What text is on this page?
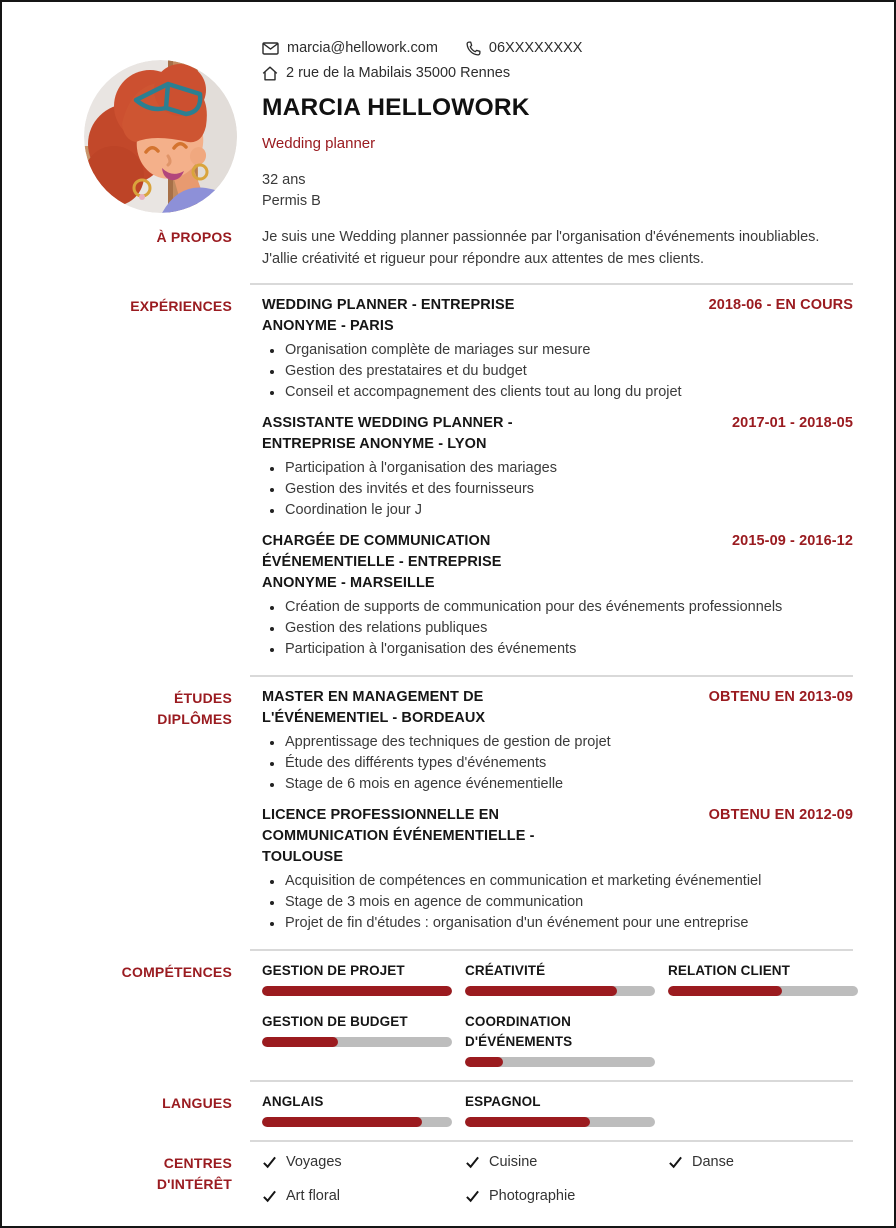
marcia@hellowork.com	06XXXXXXXX
2 rue de la Mabilais 35000 Rennes
MARCIA HELLOWORK
Wedding planner
32 ans
Permis B
À PROPOS Je suis une Wedding planner passionnée par l'organisation d'événements inoubliables. J'allie créativité et rigueur pour répondre aux attentes de mes clients.
EXPÉRIENCES WEDDING PLANNER - ENTREPRISE ANONYME - PARIS
2018-06 - EN COURS
Organisation complète de mariages sur mesure
Gestion des prestataires et du budget
Conseil et accompagnement des clients tout au long du projet
ASSISTANTE WEDDING PLANNER - ENTREPRISE ANONYME - LYON
2017-01 - 2018-05
Participation à l'organisation des mariages
Gestion des invités et des fournisseurs
Coordination le jour J
CHARGÉE DE COMMUNICATION ÉVÉNEMENTIELLE - ENTREPRISE ANONYME - MARSEILLE
2015-09 - 2016-12
Création de supports de communication pour des événements professionnels
Gestion des relations publiques
Participation à l'organisation des événements
ÉTUDES
DIPLÔMES
MASTER EN MANAGEMENT DE L'ÉVÉNEMENTIEL - BORDEAUX
OBTENU EN 2013-09
Apprentissage des techniques de gestion de projet
Étude des différents types d'événements
Stage de 6 mois en agence événementielle
LICENCE PROFESSIONNELLE EN COMMUNICATION ÉVÉNEMENTIELLE - TOULOUSE
OBTENU EN 2012-09
Acquisition de compétences en communication et marketing événementiel
Stage de 3 mois en agence de communication
Projet de fin d'études : organisation d'un événement pour une entreprise
COMPÉTENCES GESTION DE PROJET	CRÉATIVITÉ	RELATION CLIENT
GESTION DE BUDGET	COORDINATION D'ÉVÉNEMENTS
LANGUES ANGLAIS	ESPAGNOL
CENTRES
D'INTÉRÊT
Voyages	Cuisine	Danse
Art floral	Photographie
